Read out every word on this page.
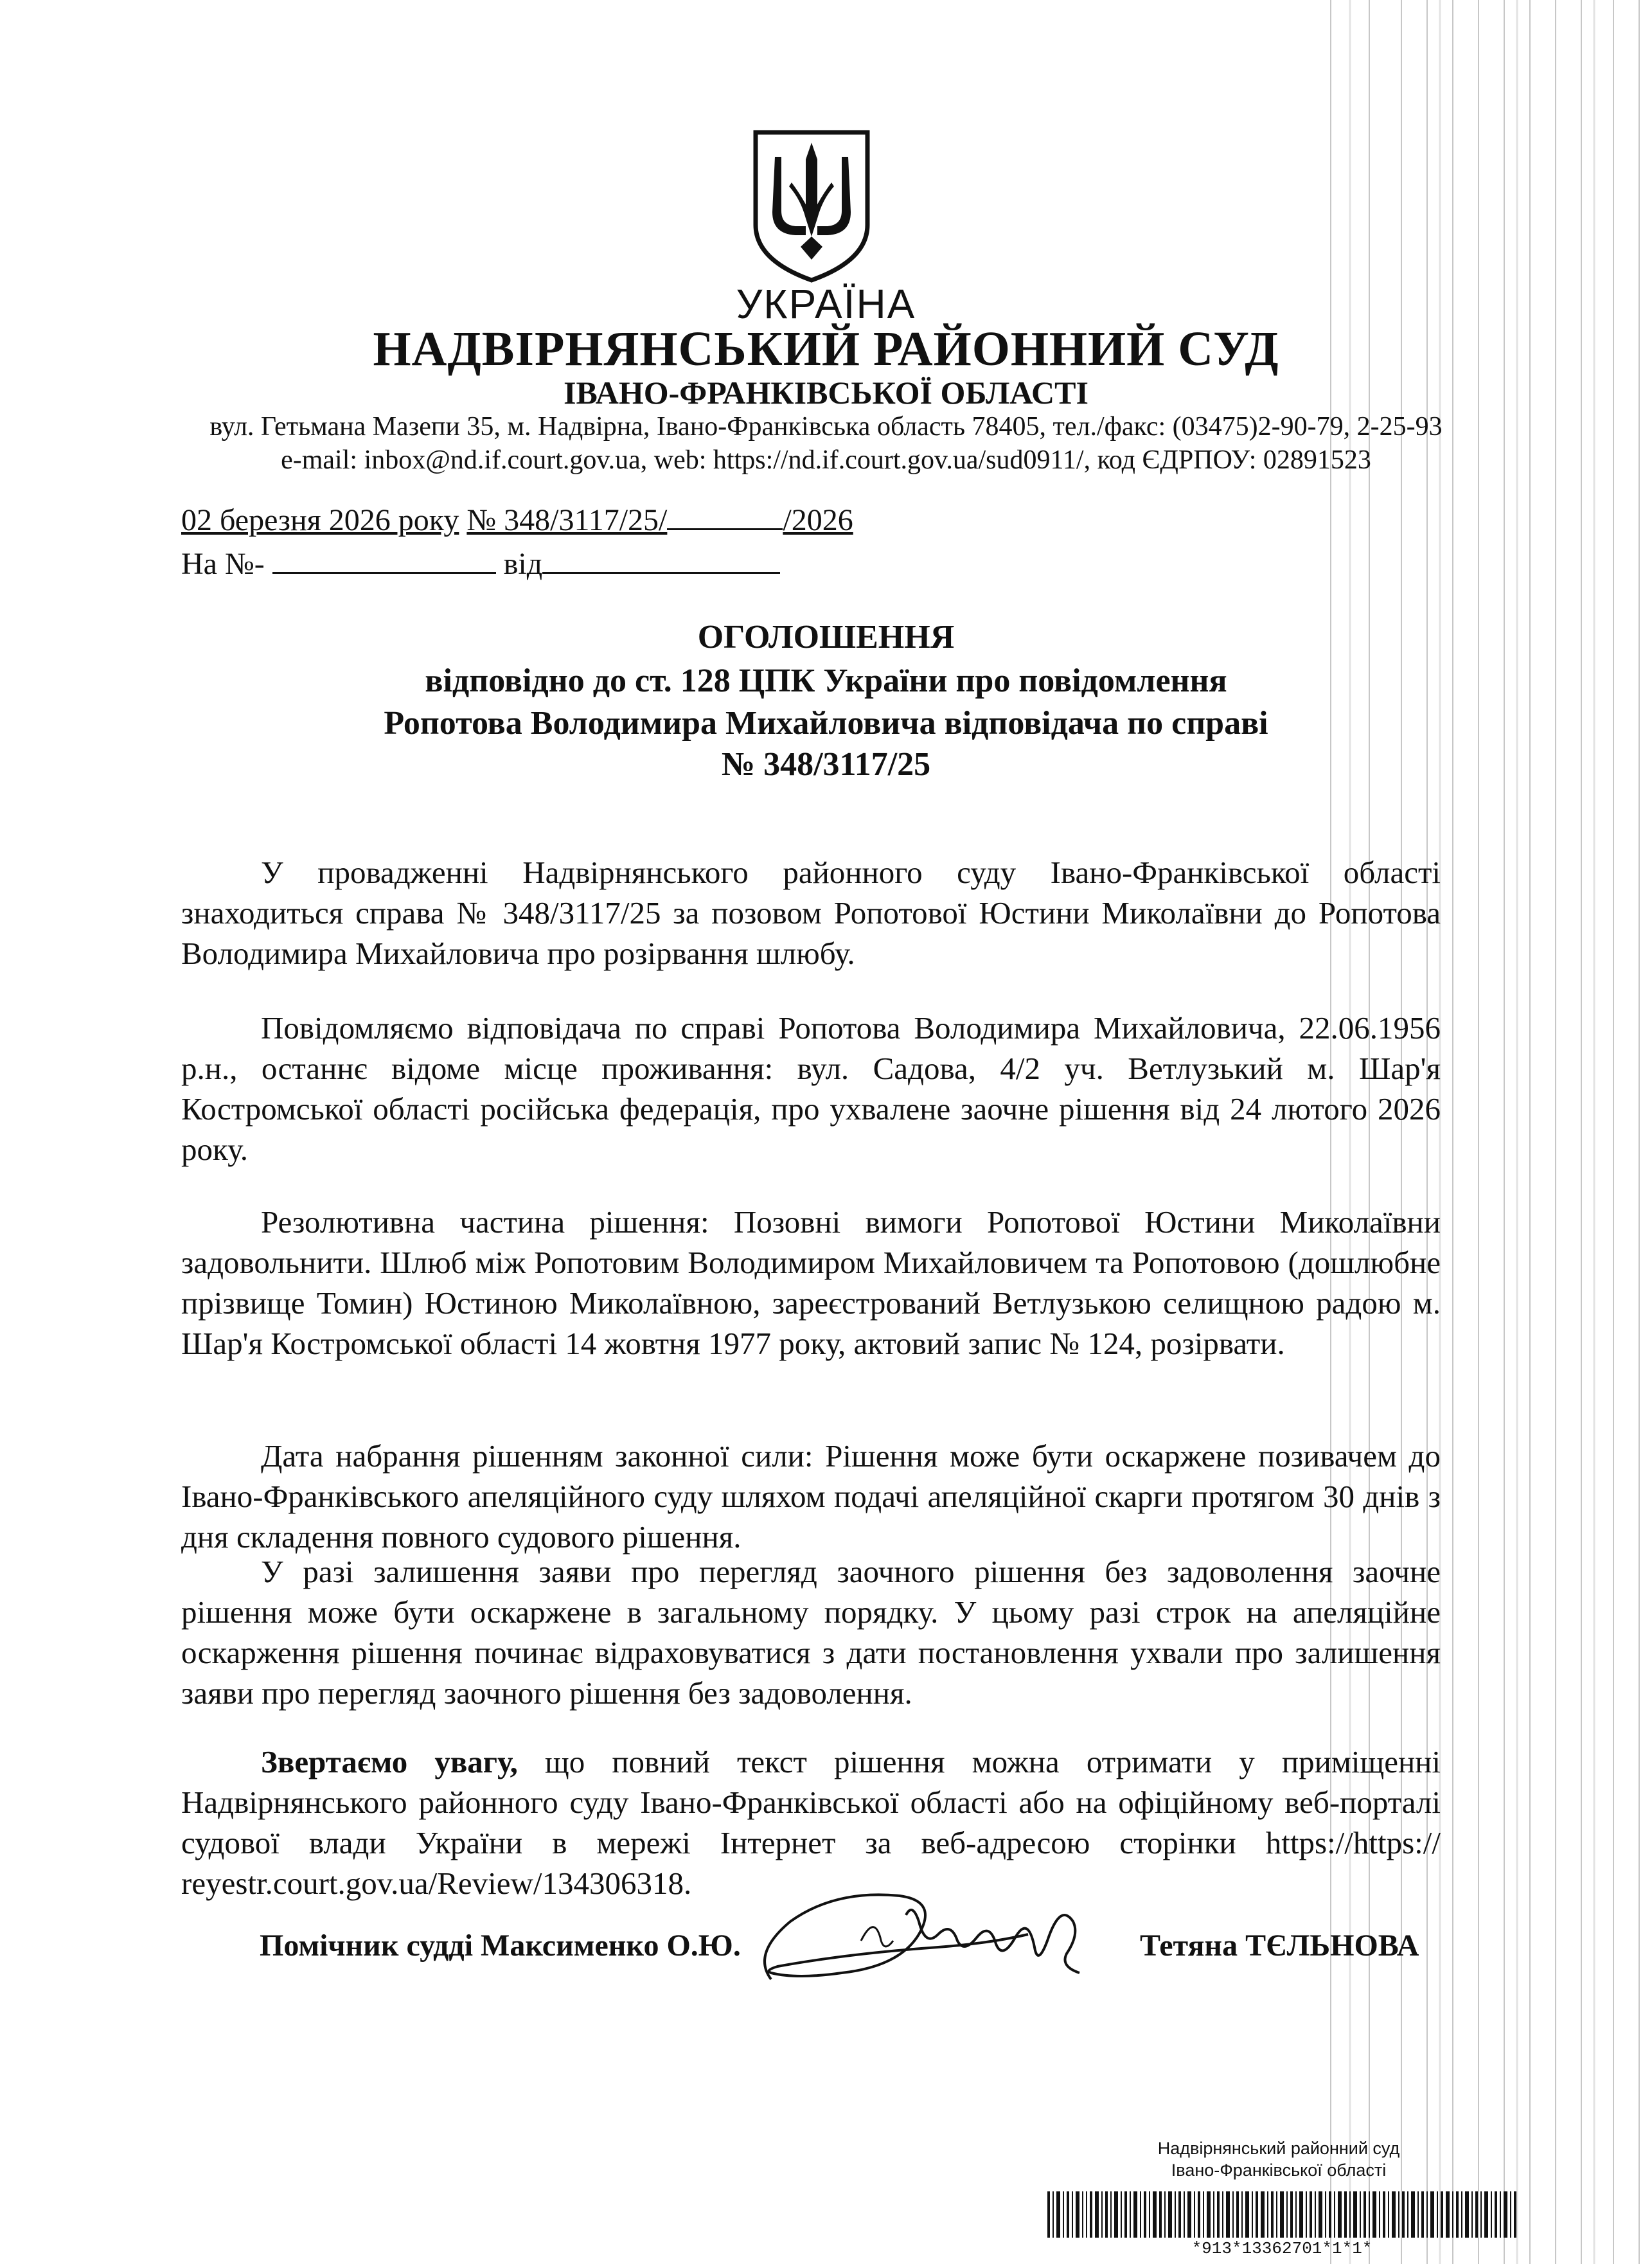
УКРАЇНА
НАДВІРНЯНСЬКИЙ РАЙОННИЙ СУД
ІВАНО-ФРАНКІВСЬКОЇ ОБЛАСТІ
вул. Гетьмана Мазепи 35, м. Надвірна, Івано-Франківська область 78405, тел./факс: (03475)2-90-79, 2-25-93
e-mail: inbox@nd.if.court.gov.ua, web: https://nd.if.court.gov.ua/sud0911/, код ЄДРПОУ: 02891523
02 березня 2026 року № 348/3117/25/	/2026
На №-	від
ОГОЛОШЕННЯ
відповідно до ст. 128 ЦПК України про повідомлення
Ропотова Володимира Михайловича відповідача по справі
№ 348/3117/25
У провадженні Надвірнянського районного суду Івано-Франківської області знаходиться справа № 348/3117/25 за позовом Ропотової Юстини Миколаївни до Ропотова Володимира Михайловича про розірвання шлюбу.
Повідомляємо відповідача по справі Ропотова Володимира Михайловича, 22.06.1956 р.н., останнє відоме місце проживання: вул. Садова, 4/2 уч. Ветлузький м. Шар'я Костромської області російська федерація, про ухвалене заочне рішення від 24 лютого 2026 року.
Резолютивна частина рішення: Позовні вимоги Ропотової Юстини Миколаївни задовольнити. Шлюб між Ропотовим Володимиром Михайловичем та Ропотовою (дошлюбне прізвище Томин) Юстиною Миколаївною, зареєстрований Ветлузькою селищною радою м. Шар'я Костромської області 14 жовтня 1977 року, актовий запис № 124, розірвати.
Дата набрання рішенням законної сили: Рішення може бути оскаржене позивачем до Івано-Франківського апеляційного суду шляхом подачі апеляційної скарги протягом 30 днів з дня складення повного судового рішення.
У разі залишення заяви про перегляд заочного рішення без задоволення заочне рішення може бути оскаржене в загальному порядку. У цьому разі строк на апеляційне оскарження рішення починає відраховуватися з дати постановлення ухвали про залишення заяви про перегляд заочного рішення без задоволення.
Звертаємо увагу, що повний текст рішення можна отримати у приміщенні Надвірнянського районного суду Івано-Франківської області або на офіційному веб-порталі судової влади України в мережі Інтернет за веб-адресою сторінки https://https:// reyestr.court.gov.ua/Review/134306318.
Помічник судді Максименко О.Ю.	Тетяна ТЄЛЬНОВА
Надвірнянський районний суд
Івано-Франківської області
*913*13362701*1*1*
